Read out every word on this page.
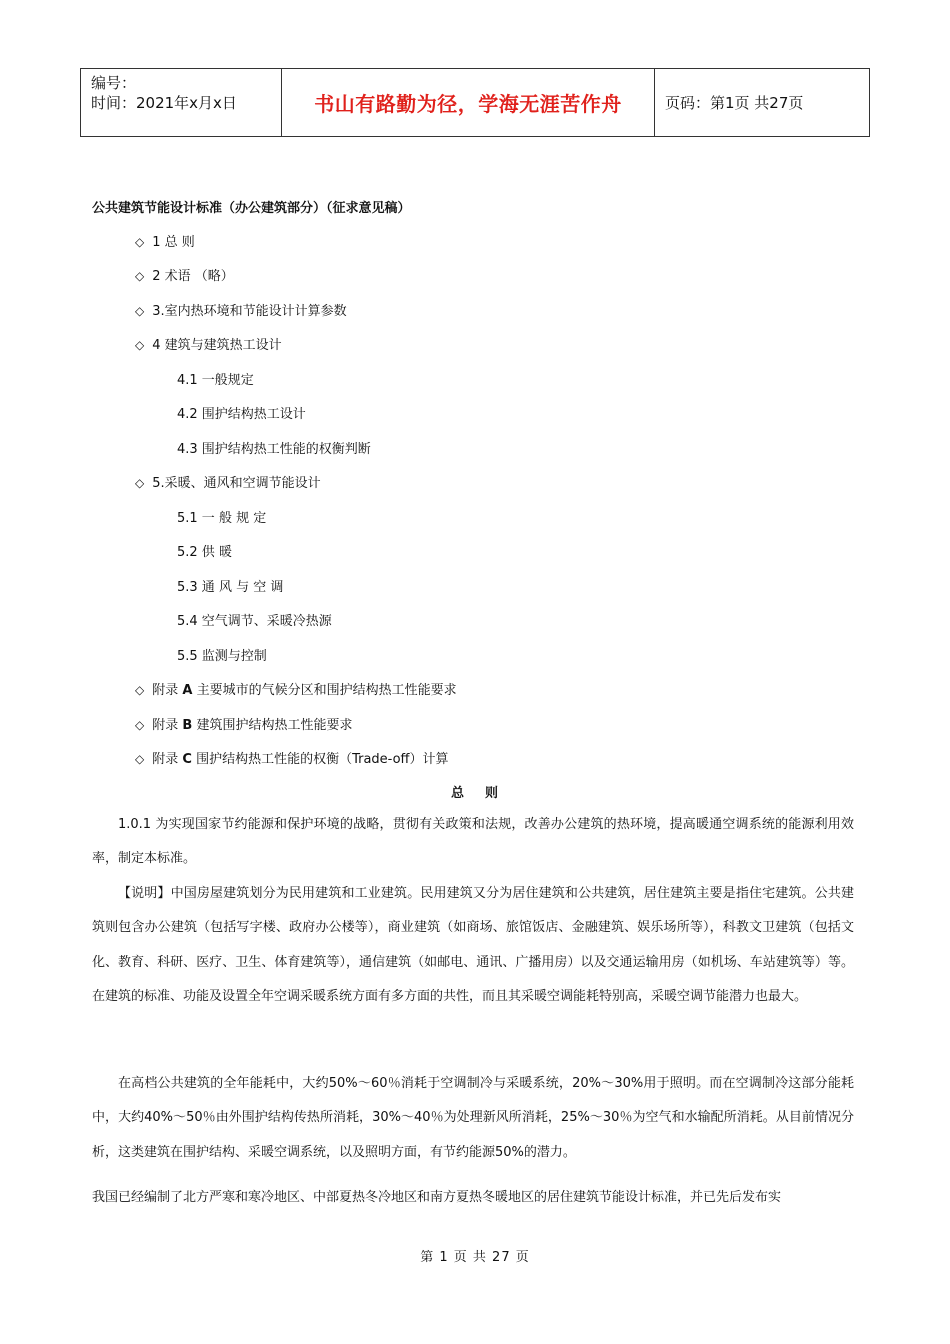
编号：
时间：2021年x月x日	书山有路勤为径，学海无涯苦作舟	页码：第1页 共27页
公共建筑节能设计标准（办公建筑部分）（征求意见稿）
◇ 1 总 则
◇ 2 术语 （略）
◇ 3.室内热环境和节能设计计算参数
◇ 4 建筑与建筑热工设计
4.1 一般规定
4.2 围护结构热工设计
4.3 围护结构热工性能的权衡判断
◇ 5.采暖、通风和空调节能设计
5.1 一 般 规 定
5.2 供 暖
5.3 通 风 与 空 调
5.4 空气调节、采暖冷热源
5.5 监测与控制
◇ 附录 A 主要城市的气候分区和围护结构热工性能要求
◇ 附录 B 建筑围护结构热工性能要求
◇ 附录 C 围护结构热工性能的权衡（Trade-off）计算
总 则
1.0.1 为实现国家节约能源和保护环境的战略，贯彻有关政策和法规，改善办公建筑的热环境，提高暖通空调系统的能源利用效率，制定本标准。
【说明】中国房屋建筑划分为民用建筑和工业建筑。民用建筑又分为居住建筑和公共建筑，居住建筑主要是指住宅建筑。公共建筑则包含办公建筑（包括写字楼、政府办公楼等），商业建筑（如商场、旅馆饭店、金融建筑、娱乐场所等），科教文卫建筑（包括文化、教育、科研、医疗、卫生、体育建筑等），通信建筑（如邮电、通讯、广播用房）以及交通运输用房（如机场、车站建筑等）等。在建筑的标准、功能及设置全年空调采暖系统方面有多方面的共性，而且其采暖空调能耗特别高，采暖空调节能潜力也最大。
在高档公共建筑的全年能耗中，大约50%～60％消耗于空调制冷与采暖系统，20%～30%用于照明。而在空调制冷这部分能耗中，大约40%～50％由外围护结构传热所消耗，30%～40％为处理新风所消耗，25%～30％为空气和水输配所消耗。从目前情况分析，这类建筑在围护结构、采暖空调系统，以及照明方面，有节约能源50%的潜力。
我国已经编制了北方严寒和寒冷地区、中部夏热冬冷地区和南方夏热冬暖地区的居住建筑节能设计标准，并已先后发布实
第 1 页 共 27 页
